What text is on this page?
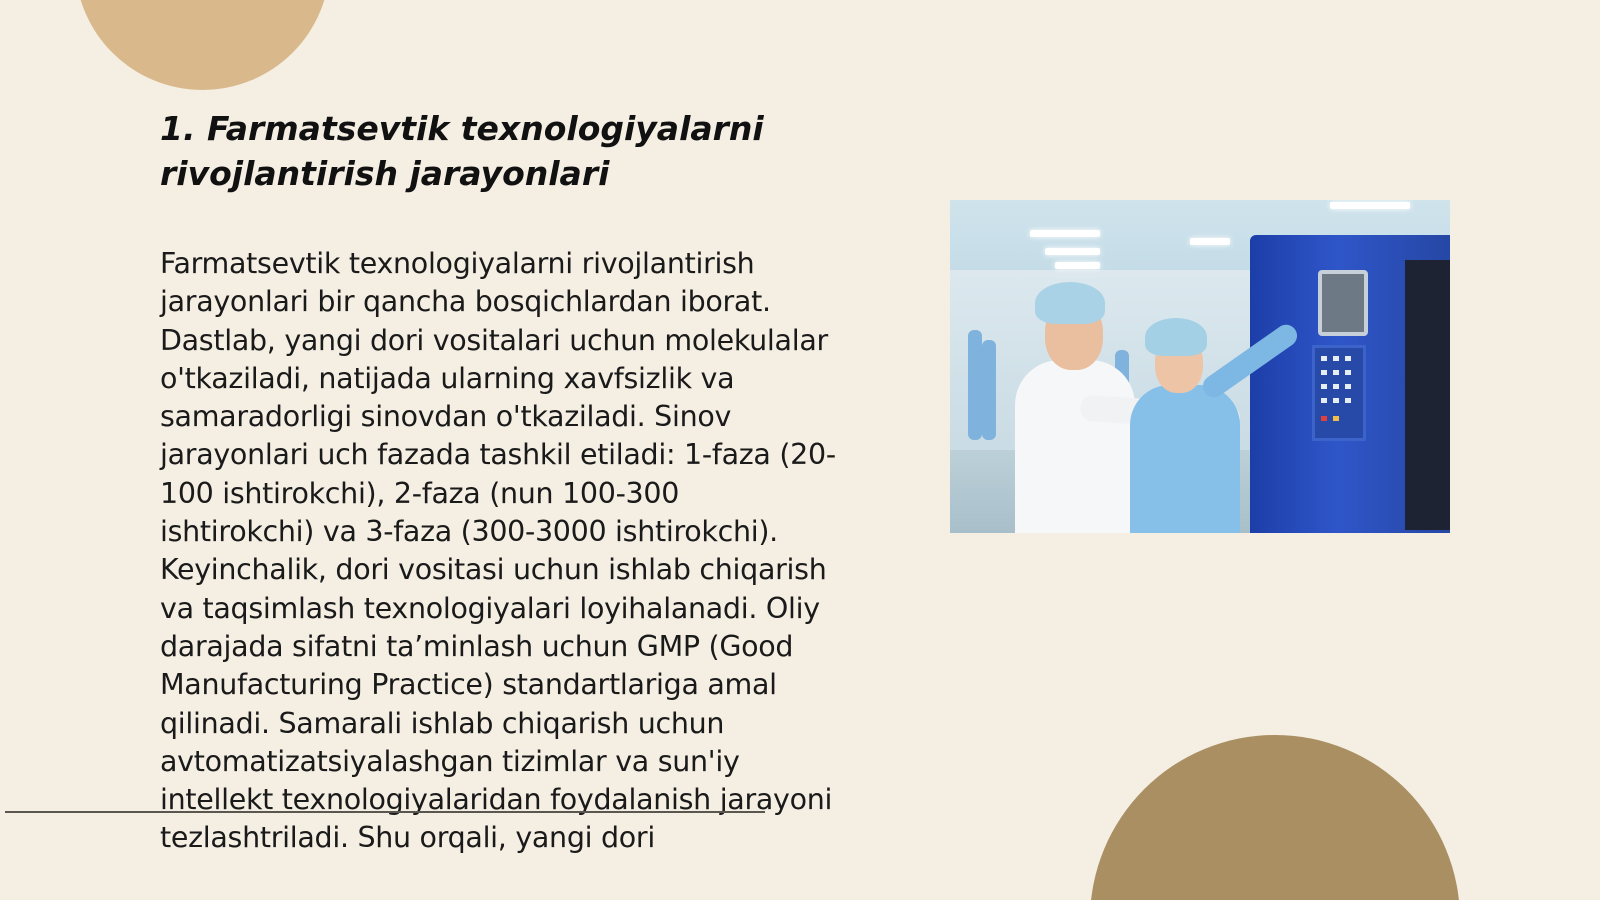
1. Farmatsevtik texnologiyalarni rivojlantirish jarayonlari

Farmatsevtik texnologiyalarni rivojlantirish jarayonlari bir qancha bosqichlardan iborat. Dastlab, yangi dori vositalari uchun molekulalar o'tkaziladi, natijada ularning xavfsizlik va samaradorligi sinovdan o'tkaziladi. Sinov jarayonlari uch fazada tashkil etiladi: 1-faza (20-100 ishtirokchi), 2-faza (nun 100-300 ishtirokchi) va 3-faza (300-3000 ishtirokchi). Keyinchalik, dori vositasi uchun ishlab chiqarish va taqsimlash texnologiyalari loyihalanadi. Oliy darajada sifatni ta’minlash uchun GMP (Good Manufacturing Practice) standartlariga amal qilinadi. Samarali ishlab chiqarish uchun avtomatizatsiyalashgan tizimlar va sun'iy intellekt texnologiyalaridan foydalanish jarayoni tezlashtriladi. Shu orqali, yangi dori
